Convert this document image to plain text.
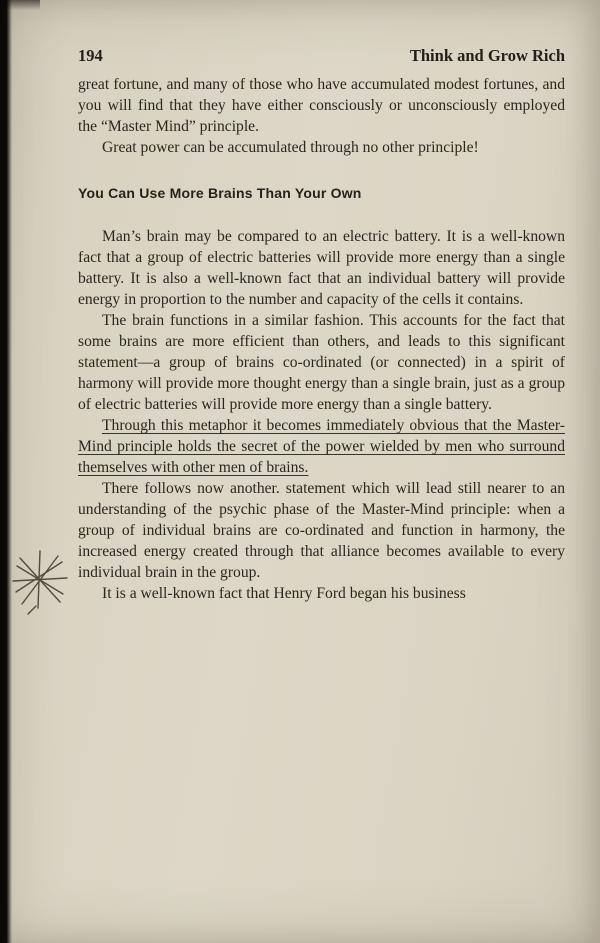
194	Think and Grow Rich

great fortune, and many of those who have accumulated modest fortunes, and you will find that they have either consciously or unconsciously employed the “Master Mind” principle.

Great power can be accumulated through no other principle!

You Can Use More Brains Than Your Own

Man’s brain may be compared to an electric battery. It is a well-known fact that a group of electric batteries will provide more energy than a single battery. It is also a well-known fact that an individual battery will provide energy in proportion to the number and capacity of the cells it contains.

The brain functions in a similar fashion. This accounts for the fact that some brains are more efficient than others, and leads to this significant statement—a group of brains co-ordinated (or connected) in a spirit of harmony will provide more thought energy than a single brain, just as a group of electric batteries will provide more energy than a single battery.

Through this metaphor it becomes immediately obvious that the Master-Mind principle holds the secret of the power wielded by men who surround themselves with other men of brains.

There follows now another. statement which will lead still nearer to an understanding of the psychic phase of the Master-Mind principle: when a group of individual brains are co-ordinated and function in harmony, the increased energy created through that alliance becomes available to every individual brain in the group.

It is a well-known fact that Henry Ford began his business
